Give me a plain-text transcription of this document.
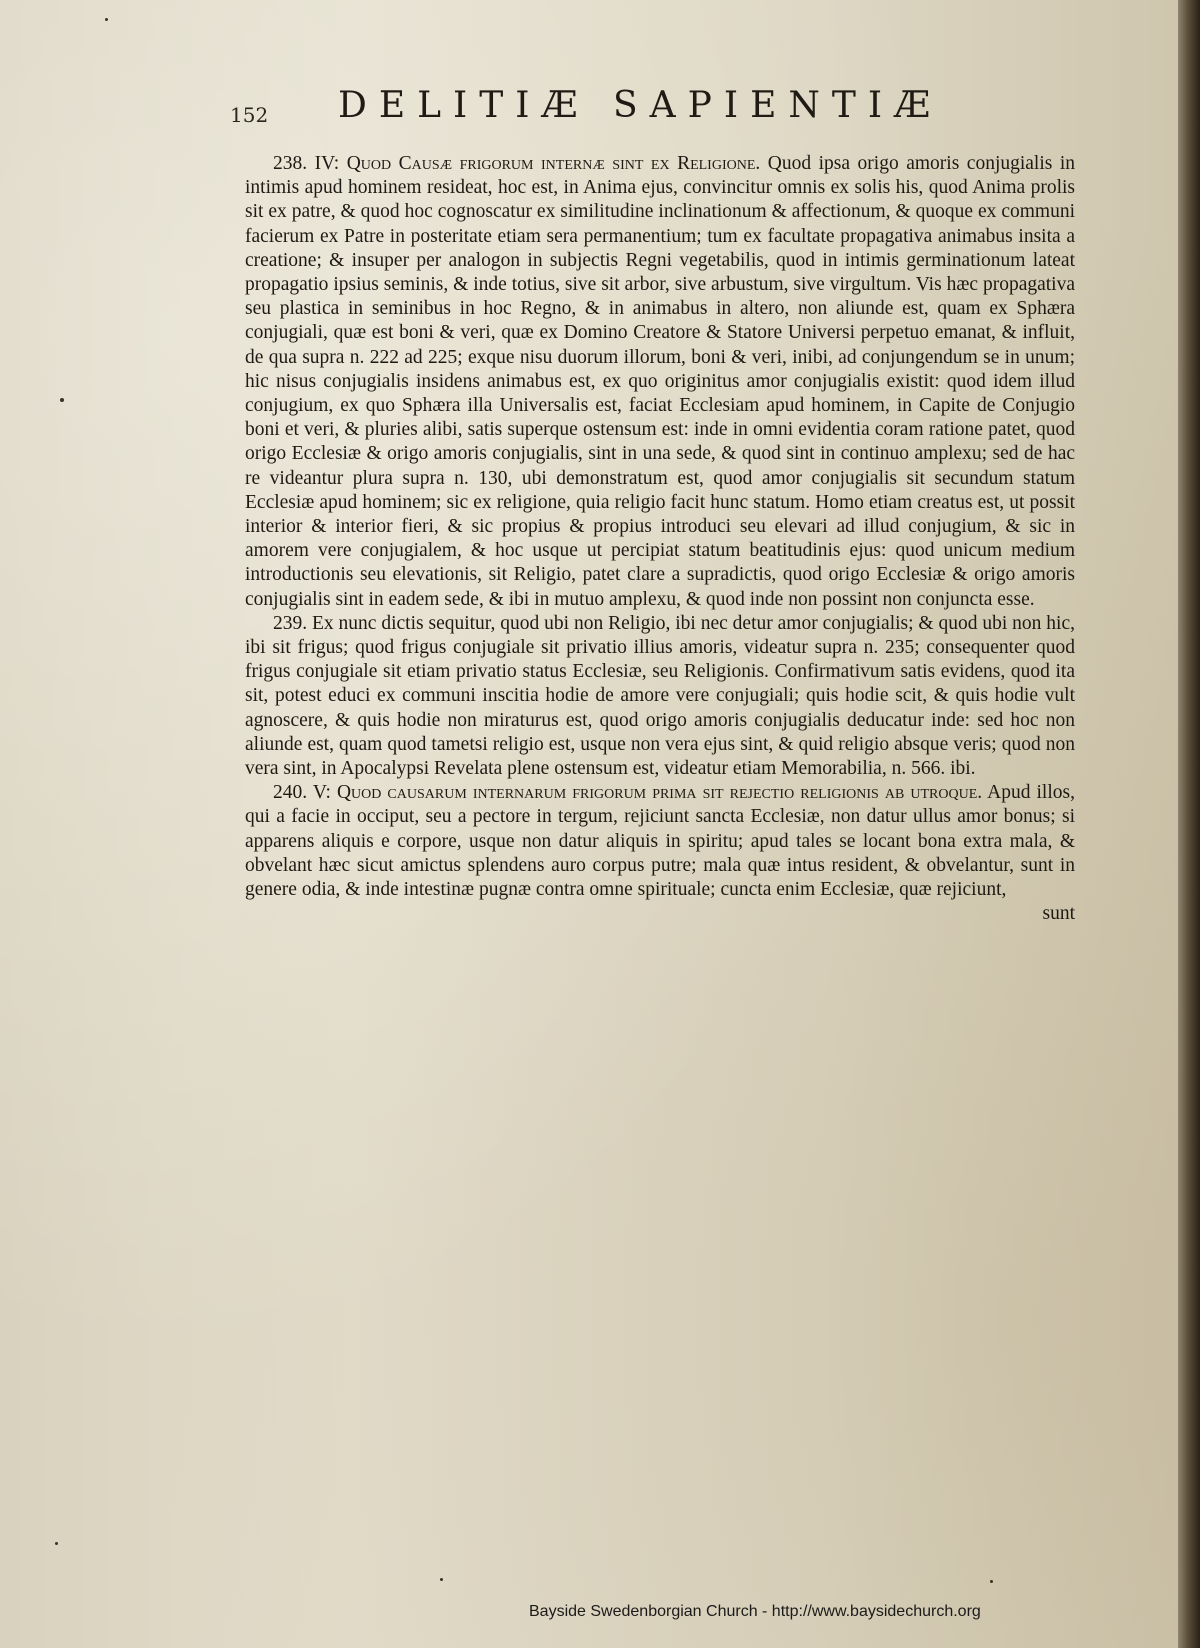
152 DELITIÆ SAPIENTIÆ

238. IV: Quod Causæ frigorum internæ sint ex Religione. Quod ipsa origo amoris conjugialis in intimis apud hominem resideat, hoc est, in Anima ejus, convincitur omnis ex solis his, quod Anima prolis sit ex patre, & quod hoc cognoscatur ex similitudine inclinationum & affectionum, & quoque ex communi facierum ex Patre in posteritate etiam sera permanentium; tum ex facultate propagativa animabus insita a creatione; & insuper per analogon in subjectis Regni vegetabilis, quod in intimis germinationum lateat propagatio ipsius seminis, & inde totius, sive sit arbor, sive arbustum, sive virgultum. Vis hæc propagativa seu plastica in seminibus in hoc Regno, & in animabus in altero, non aliunde est, quam ex Sphæra conjugiali, quæ est boni & veri, quæ ex Domino Creatore & Statore Universi perpetuo emanat, & influit, de qua supra n. 222 ad 225; exque nisu duorum illorum, boni & veri, inibi, ad conjungendum se in unum; hic nisus conjugialis insidens animabus est, ex quo originitus amor conjugialis existit: quod idem illud conjugium, ex quo Sphæra illa Universalis est, faciat Ecclesiam apud hominem, in Capite de Conjugio boni et veri, & pluries alibi, satis superque ostensum est: inde in omni evidentia coram ratione patet, quod origo Ecclesiæ & origo amoris conjugialis, sint in una sede, & quod sint in continuo amplexu; sed de hac re videantur plura supra n. 130, ubi demonstratum est, quod amor conjugialis sit secundum statum Ecclesiæ apud hominem; sic ex religione, quia religio facit hunc statum. Homo etiam creatus est, ut possit interior & interior fieri, & sic propius & propius introduci seu elevari ad illud conjugium, & sic in amorem vere conjugialem, & hoc usque ut percipiat statum beatitudinis ejus: quod unicum medium introductionis seu elevationis, sit Religio, patet clare a supradictis, quod origo Ecclesiæ & origo amoris conjugialis sint in eadem sede, & ibi in mutuo amplexu, & quod inde non possint non conjuncta esse.

239. Ex nunc dictis sequitur, quod ubi non Religio, ibi nec detur amor conjugialis; & quod ubi non hic, ibi sit frigus; quod frigus conjugiale sit privatio illius amoris, videatur supra n. 235; consequenter quod frigus conjugiale sit etiam privatio status Ecclesiæ, seu Religionis. Confirmativum satis evidens, quod ita sit, potest educi ex communi inscitia hodie de amore vere conjugiali; quis hodie scit, & quis hodie vult agnoscere, & quis hodie non miraturus est, quod origo amoris conjugialis deducatur inde: sed hoc non aliunde est, quam quod tametsi religio est, usque non vera ejus sint, & quid religio absque veris; quod non vera sint, in Apocalypsi Revelata plene ostensum est, videatur etiam Memorabilia, n. 566. ibi.

240. V: Quod causarum internarum frigorum prima sit rejectio religionis ab utroque. Apud illos, qui a facie in occiput, seu a pectore in tergum, rejiciunt sancta Ecclesiæ, non datur ullus amor bonus; si apparens aliquis e corpore, usque non datur aliquis in spiritu; apud tales se locant bona extra mala, & obvelant hæc sicut amictus splendens auro corpus putre; mala quæ intus resident, & obvelantur, sunt in genere odia, & inde intestinæ pugnæ contra omne spirituale; cuncta enim Ecclesiæ, quæ rejiciunt,

sunt
Bayside Swedenborgian Church - http://www.baysidechurch.org
